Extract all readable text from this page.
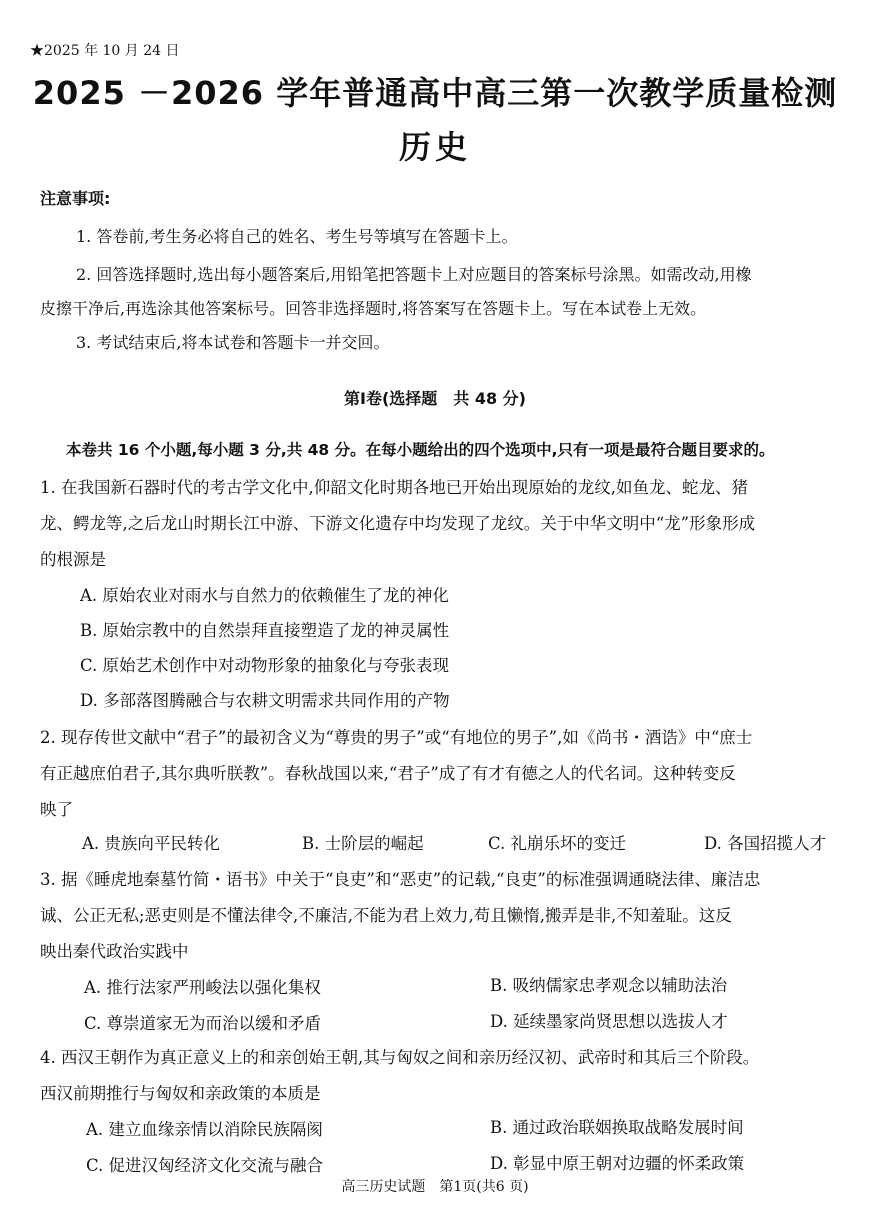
★2025 年 10 月 24 日
2025 －2026 学年普通高中高三第一次教学质量检测
历史
注意事项:
1. 答卷前,考生务必将自己的姓名、考生号等填写在答题卡上。
2. 回答选择题时,选出每小题答案后,用铅笔把答题卡上对应题目的答案标号涂黑。如需改动,用橡
皮擦干净后,再选涂其他答案标号。回答非选择题时,将答案写在答题卡上。写在本试卷上无效。
3. 考试结束后,将本试卷和答题卡一并交回。
第Ⅰ卷(选择题　共 48 分)
本卷共 16 个小题,每小题 3 分,共 48 分。在每小题给出的四个选项中,只有一项是最符合题目要求的。
1. 在我国新石器时代的考古学文化中,仰韶文化时期各地已开始出现原始的龙纹,如鱼龙、蛇龙、猪
龙、鳄龙等,之后龙山时期长江中游、下游文化遗存中均发现了龙纹。关于中华文明中“龙”形象形成
的根源是
A. 原始农业对雨水与自然力的依赖催生了龙的神化
B. 原始宗教中的自然崇拜直接塑造了龙的神灵属性
C. 原始艺术创作中对动物形象的抽象化与夸张表现
D. 多部落图腾融合与农耕文明需求共同作用的产物
2. 现存传世文献中“君子”的最初含义为“尊贵的男子”或“有地位的男子”,如《尚书・酒诰》中“庶士
有正越庶伯君子,其尔典听朕教”。春秋战国以来,“君子”成了有才有德之人的代名词。这种转变反
映了
A. 贵族向平民转化	B. 士阶层的崛起	C. 礼崩乐坏的变迁	D. 各国招揽人才
3. 据《睡虎地秦墓竹简・语书》中关于“良吏”和“恶吏”的记载,“良吏”的标准强调通晓法律、廉洁忠
诚、公正无私;恶吏则是不懂法律令,不廉洁,不能为君上效力,苟且懒惰,搬弄是非,不知羞耻。这反
映出秦代政治实践中
A. 推行法家严刑峻法以强化集权	B. 吸纳儒家忠孝观念以辅助法治
C. 尊崇道家无为而治以缓和矛盾	D. 延续墨家尚贤思想以选拔人才
4. 西汉王朝作为真正意义上的和亲创始王朝,其与匈奴之间和亲历经汉初、武帝时和其后三个阶段。
西汉前期推行与匈奴和亲政策的本质是
A. 建立血缘亲情以消除民族隔阂	B. 通过政治联姻换取战略发展时间
C. 促进汉匈经济文化交流与融合	D. 彰显中原王朝对边疆的怀柔政策
高三历史试题　第1页(共6 页)
